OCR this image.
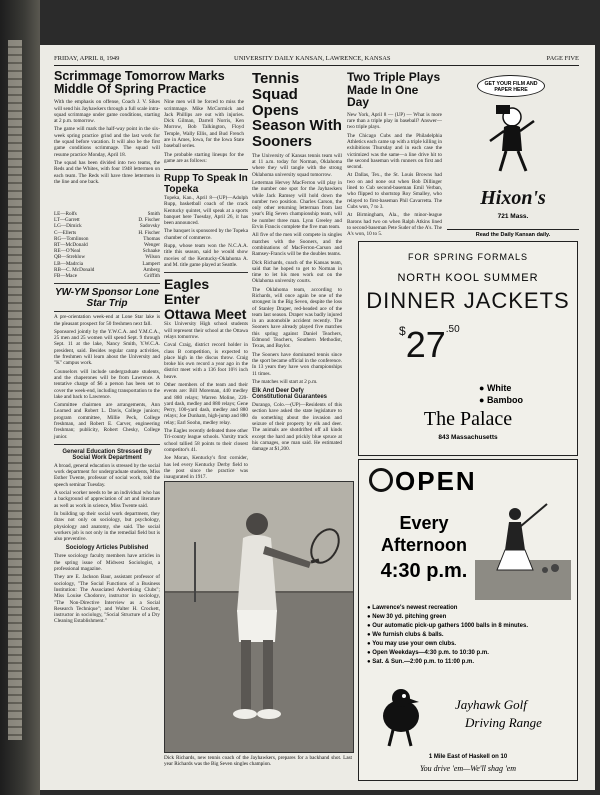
FRIDAY, APRIL 8, 1949	UNIVERSITY DAILY KANSAN, LAWRENCE, KANSAS	PAGE FIVE
LE—Rolfs	Smith
LT—Garrett	D. Fischer
LG—Dimick	Sadovsky
C—Ellerts	H. Fischer
RG—Tomlinson	Thomas
RT—McDonald	Wenger
RE—O'Neal	Schaake
QB—Strehlow	Wilson
LB—Madrcia	Lampert
RB—C. McDonald	Amberg
FB—Mace	Griffith

YW-YM Sponsor Lone Star Trip

A pre-orientation week-end at Lone Star lake is the pleasant prospect for 50 freshmen next fall.

Sponsored jointly by the Y.W.C.A. and Y.M.C.A., 25 men and 25 women will spend Sept. 9 through Sept. 11 at the lake, Nancy Smith, Y.W.C.A. president, said. Besides regular camp activities, the freshmen will learn about the University and "K" campus work.

Counselors will include undergraduate students, and the chaperones will be from Lawrence. A tentative charge of $6 a person has been set to cover the week-end, including transportation to the lake and back to Lawrence.

Committee chairmen are arrangements, Ann Learned and Robert L. Davis, College juniors; program committee, Millie Peck, College freshman, and Robert E. Carver, engineering freshman; publicity, Robert Chesky, College junior.

General Education Stressed By Social Work Department

A broad, general education is stressed by the social work department for undergraduate students, Miss Esther Twente, professor of social work, told the speech seminar Tuesday.

A social worker needs to be an individual who has a background of appreciation of art and literature as well as work in science, Miss Twente said.

In building up their social work department, they draw not only on sociology, but psychology, physiology and anatomy, she said. The social workers job is not only in the remedial field but is also preventive.

Sociology Articles Published

Three sociology faculty members have articles in the spring issue of Midwest Sociologist, a professional magazine.

They are E. Jackson Baur, assistant professor of sociology, "The Social Functions of a Business Institution: The Associated Advertising Clubs"; Miss Louise Chodorov, instructor in sociology, "The Non-Directive Interview as a Social Research Technique"; and Walter H. Crockett, instructor in sociology, "Social Structure of a Dry Cleaning Establishment."

Scrimmage Tomorrow Marks Middle Of Spring Practice

With the emphasis on offense, Coach J. V. Sikes will send his Jayhawkers through a full scale intra-squad scrimmage under game conditions, starting at 2 p.m. tomorrow.

The game will mark the half-way point in the six-week spring practice grind and the last work for the squad before vacation. It will also be the first game conditions scrimmage. The squad will resume practice Monday, April 18.

The squad has been divided into two teams, the Reds and the Whites, with four 1948 lettermen on each team. The Reds will have three lettermen in the line and one back.

Nine men will be forced to miss the scrimmage. Mike McCormick and Jack Phillips are out with injuries. Dick Gilman, Darrell Norris, Ken Morrow, Bob Talkington, Floyd Temple, Wally Ellis, and Bud French are in Ames, Iowa, for the Iowa State baseball series.

The probable starting lineups for the game are as follows:

Rupp To Speak In Topeka

Topeka, Kan., April 8—(UP)—Adolph Rupp, basketball coach of the crack Kentucky quintet, will speak at a sports banquet here Tuesday, April 26, it has been announced.

The banquet is sponsored by the Topeka chamber of commerce.

Rupp, whose team won the N.C.A.A. title this season, said he would show movies of the Kentucky-Oklahoma A. and M. title game played at Seattle.

Eagles Enter Ottawa Meet

Six University High school students will represent their school at the Ottawa relays tomorrow.

Coval Craig, district record holder in class B competition, is expected to place high in the discus throw. Craig broke his own record a year ago in the district meet with a 136 foot 10½ inch heave.

Other members of the team and their events are: Bill Moreman, 440 medley and 880 relays; Warren Moline, 220-yard dash, medley and 880 relays; Gene Perry, 100-yard dash, medley and 880 relays; Joe Dunham, high-jump and 880 relay; Earl Soohn, medley relay.

The Eagles recently defeated three other Tri-county league schools. Varsity track school tallied 58 points to their closest competitor's 41.

Joe Moran, Kentucky's first cornider, has led every Kentucky Derby field to the post since the practice was inaugurated in 1917.

Tennis Squad Opens Season With Sooners

The University of Kansas tennis team will at 11 a.m. today for Norman, Oklahoma where they will tangle with the strong Oklahoma university squad tomorrow.

Letterman Hervey MacFerron will play in the number one spot for the Jayhawkers while Jack Ramsey will hold down the number two position. Charles Carson, the only other returning letterman from last year's Big Seven championship team, will be number three man. Lynn Greeley and Ervin Francis complete the five man team.

All five of the men will compete in singles matches with the Sooners, and the combinations of MacFerron-Carson and Ramsey-Francis will be the doubles teams.

Dick Richards, coach of the Kansas team, said that he hoped to get to Norman in time to let his men work out on the Oklahoma university courts.

The Oklahoma team, according to Richards, will once again be one of the strongest in the Big Seven, despite the loss of Stanley Draper, red-headed ace of the team last season. Draper was badly injured in an automobile accident recently. The Sooners have already played five matches this spring against Daniel Teachers, Edmond Teachers, Southern Methodist, Texas, and Baylor.

The Sooners have dominated tennis since the sport became official in the conference. In 13 years they have won championships 11 times.

The matches will start at 2 p.m.

Elk And Deer Defy Constitutional Guarantees

Durango, Colo.—(UP)—Residents of this section have asked the state legislature to do something about the invasion and seizure of their property by elk and deer. The animals are shotdrifted off all kinds except the hard and prickly blue spruce at his carnages, one man said. He estimated damage at $1,200.

Two Triple Plays Made In One Day

New York, April 8 — (UP) — What is more rare than a triple play in baseball? Answer—two triple plays.

The Chicago Cubs and the Philadelphia Athletics each came up with a triple killing in exhibitions Thursday and in each case the victimized was the same—a line drive hit to the second baseman with runners on first and second.

At Dallas, Tex., the St. Louis Browns had two on and none out when Bob Dillinger lined to Cub second-baseman Emil Verban, who flipped to shortstop Roy Smalley, who relayed to first-baseman Phil Cavarretta. The Cubs won, 7 to 3.

At Birmingham, Ala., the minor-league Barons had two on when Ralph Atkins lined to second-baseman Pete Suder of the A's. The A's won, 10 to 5.

GET YOUR FILM AND PAPER HERE
Hixon's
721 Mass.
Read the Daily Kansan daily.
FOR SPRING FORMALS
NORTH KOOL SUMMER
DINNER JACKETS
$^{\$}27^{.50}$
● White
● Bamboo
The Palace
843 Massachusetts
OPEN
Every
Afternoon
4:30 p.m.
● Lawrence's newest recreation
● New 30 yd. pitching green
● Our automatic pick-up gathers 1000 balls in 8 minutes.
● We furnish clubs & balls.
● You may use your own clubs.
● Open Weekdays—4:30 p.m. to 10:30 p.m.
● Sat. & Sun.—2:00 p.m. to 11:00 p.m.
Jayhawk Golf
Driving Range
1 Mile East of Haskell on 10
You drive 'em—We'll shag 'em
Dick Richards, new tennis coach of the Jayhawkers, prepares for a backhand shot. Last year Richards was the Big Seven singles champion.
